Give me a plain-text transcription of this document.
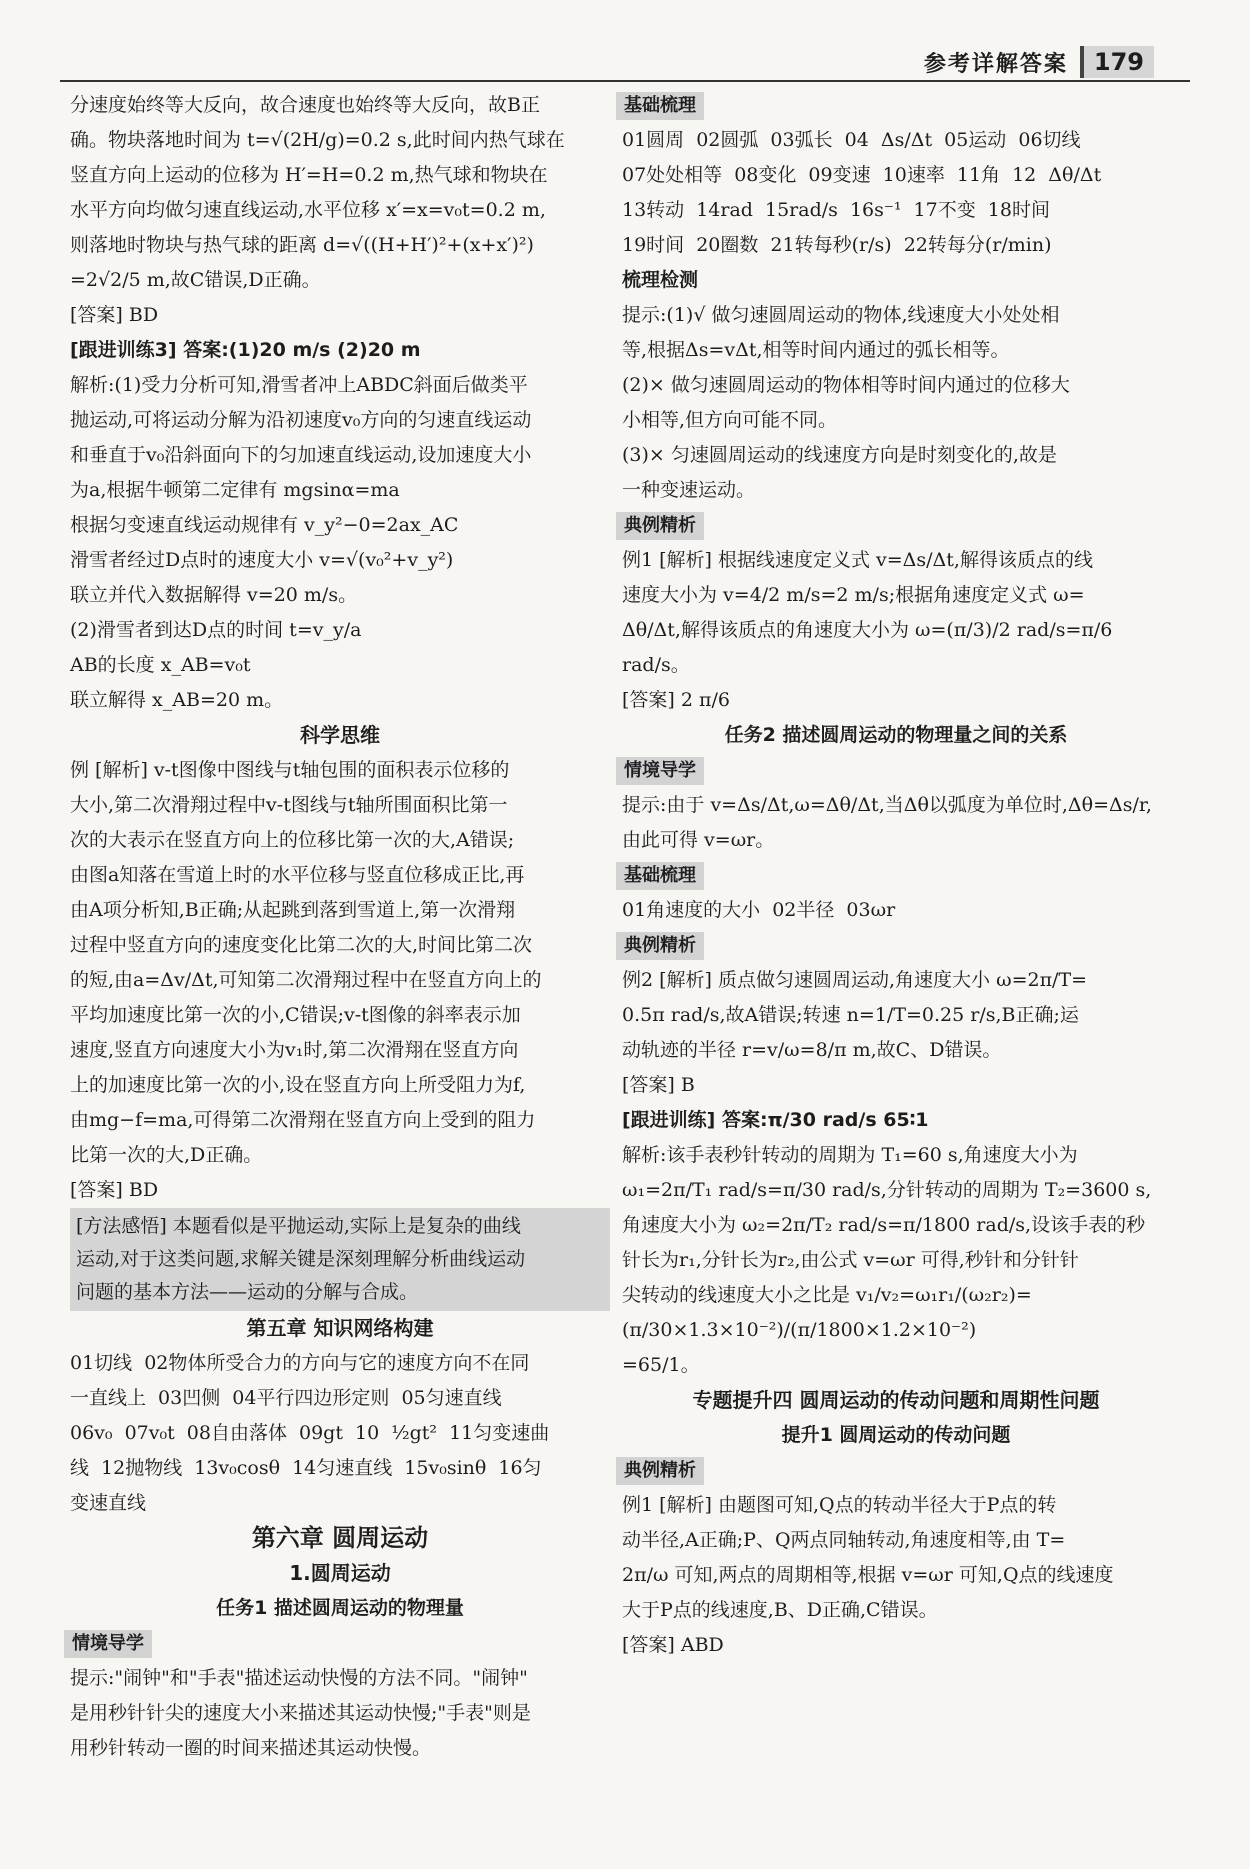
参考详解答案	179

分速度始终等大反向，故合速度也始终等大反向，故B正

确。物块落地时间为 t=√(2H/g)=0.2 s,此时间内热气球在

竖直方向上运动的位移为 H′=H=0.2 m,热气球和物块在

水平方向均做匀速直线运动,水平位移 x′=x=v₀t=0.2 m,

则落地时物块与热气球的距离 d=√((H+H′)²+(x+x′)²)

=2√2/5 m,故C错误,D正确。

[答案] BD

[跟进训练3] 答案:(1)20 m/s (2)20 m

解析:(1)受力分析可知,滑雪者冲上ABDC斜面后做类平

抛运动,可将运动分解为沿初速度v₀方向的匀速直线运动

和垂直于v₀沿斜面向下的匀加速直线运动,设加速度大小

为a,根据牛顿第二定律有 mgsinα=ma

根据匀变速直线运动规律有 v_y²−0=2ax_AC

滑雪者经过D点时的速度大小 v=√(v₀²+v_y²)

联立并代入数据解得 v=20 m/s。

(2)滑雪者到达D点的时间 t=v_y/a

AB的长度 x_AB=v₀t

联立解得 x_AB=20 m。

科学思维

例 [解析] v-t图像中图线与t轴包围的面积表示位移的

大小,第二次滑翔过程中v-t图线与t轴所围面积比第一

次的大表示在竖直方向上的位移比第一次的大,A错误;

由图a知落在雪道上时的水平位移与竖直位移成正比,再

由A项分析知,B正确;从起跳到落到雪道上,第一次滑翔

过程中竖直方向的速度变化比第二次的大,时间比第二次

的短,由a=Δv/Δt,可知第二次滑翔过程中在竖直方向上的

平均加速度比第一次的小,C错误;v-t图像的斜率表示加

速度,竖直方向速度大小为v₁时,第二次滑翔在竖直方向

上的加速度比第一次的小,设在竖直方向上所受阻力为f,

由mg−f=ma,可得第二次滑翔在竖直方向上受到的阻力

比第一次的大,D正确。

[答案] BD

[方法感悟] 本题看似是平抛运动,实际上是复杂的曲线

运动,对于这类问题,求解关键是深刻理解分析曲线运动

问题的基本方法——运动的分解与合成。

第五章 知识网络构建

01切线 02物体所受合力的方向与它的速度方向不在同

一直线上 03凹侧 04平行四边形定则 05匀速直线

06v₀ 07v₀t 08自由落体 09gt 10 ½gt² 11匀变速曲

线 12抛物线 13v₀cosθ 14匀速直线 15v₀sinθ 16匀

变速直线

第六章 圆周运动

1.圆周运动

任务1 描述圆周运动的物理量

情境导学

提示:"闹钟"和"手表"描述运动快慢的方法不同。"闹钟"

是用秒针针尖的速度大小来描述其运动快慢;"手表"则是

用秒针转动一圈的时间来描述其运动快慢。

基础梳理

01圆周 02圆弧 03弧长 04 Δs/Δt 05运动 06切线

07处处相等 08变化 09变速 10速率 11角 12 Δθ/Δt

13转动 14rad 15rad/s 16s⁻¹ 17不变 18时间

19时间 20圈数 21转每秒(r/s) 22转每分(r/min)

梳理检测

提示:(1)√ 做匀速圆周运动的物体,线速度大小处处相

等,根据Δs=vΔt,相等时间内通过的弧长相等。

(2)× 做匀速圆周运动的物体相等时间内通过的位移大

小相等,但方向可能不同。

(3)× 匀速圆周运动的线速度方向是时刻变化的,故是

一种变速运动。

典例精析

例1 [解析] 根据线速度定义式 v=Δs/Δt,解得该质点的线

速度大小为 v=4/2 m/s=2 m/s;根据角速度定义式 ω=

Δθ/Δt,解得该质点的角速度大小为 ω=(π/3)/2 rad/s=π/6 rad/s。

[答案] 2 π/6

任务2 描述圆周运动的物理量之间的关系

情境导学

提示:由于 v=Δs/Δt,ω=Δθ/Δt,当Δθ以弧度为单位时,Δθ=Δs/r,

由此可得 v=ωr。

基础梳理

01角速度的大小 02半径 03ωr

典例精析

例2 [解析] 质点做匀速圆周运动,角速度大小 ω=2π/T=

0.5π rad/s,故A错误;转速 n=1/T=0.25 r/s,B正确;运

动轨迹的半径 r=v/ω=8/π m,故C、D错误。

[答案] B

[跟进训练] 答案:π/30 rad/s 65∶1

解析:该手表秒针转动的周期为 T₁=60 s,角速度大小为

ω₁=2π/T₁ rad/s=π/30 rad/s,分针转动的周期为 T₂=3600 s,

角速度大小为 ω₂=2π/T₂ rad/s=π/1800 rad/s,设该手表的秒

针长为r₁,分针长为r₂,由公式 v=ωr 可得,秒针和分针针

尖转动的线速度大小之比是 v₁/v₂=ω₁r₁/(ω₂r₂)=(π/30×1.3×10⁻²)/(π/1800×1.2×10⁻²)

=65/1。

专题提升四 圆周运动的传动问题和周期性问题

提升1 圆周运动的传动问题

典例精析

例1 [解析] 由题图可知,Q点的转动半径大于P点的转

动半径,A正确;P、Q两点同轴转动,角速度相等,由 T=

2π/ω 可知,两点的周期相等,根据 v=ωr 可知,Q点的线速度

大于P点的线速度,B、D正确,C错误。

[答案] ABD
